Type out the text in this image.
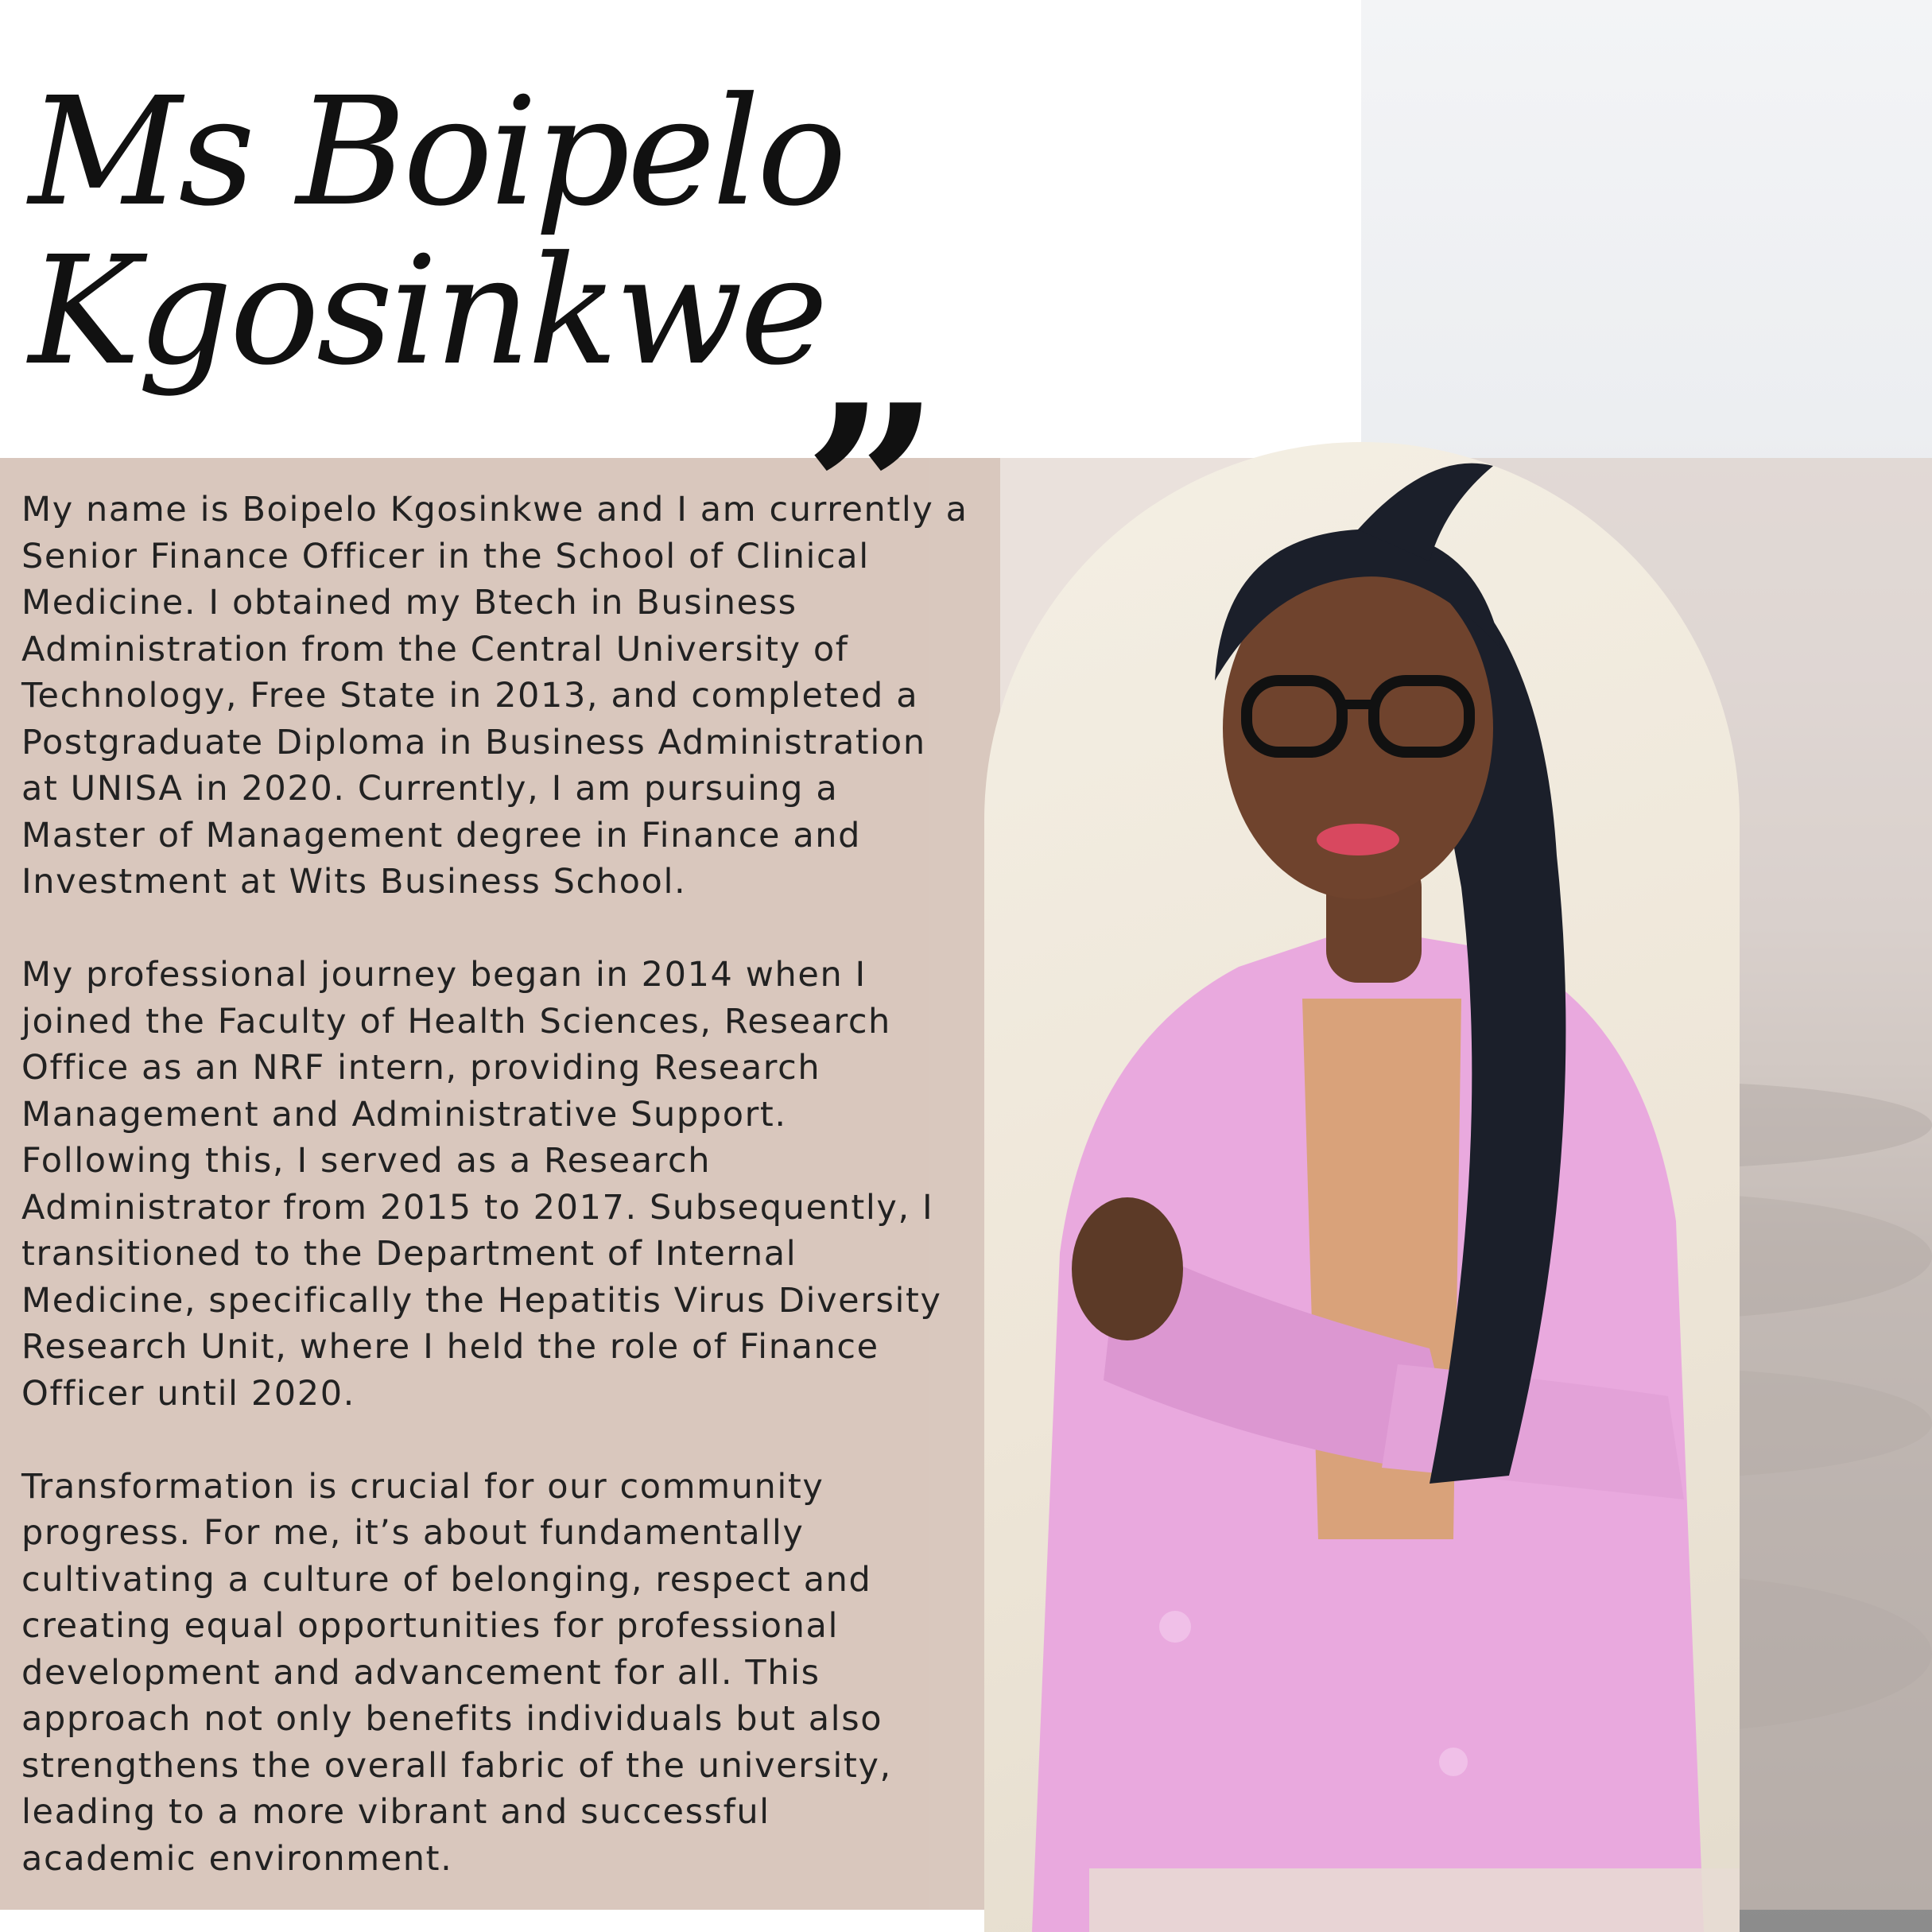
Ms Boipelo
Kgosinkwe
”

My name is Boipelo Kgosinkwe and I am currently a
Senior Finance Officer in the School of Clinical
Medicine. I obtained my Btech in Business
Administration from the Central University of
Technology, Free State in 2013, and completed a
Postgraduate Diploma in Business Administration
at UNISA in 2020. Currently, I am pursuing a
Master of Management degree in Finance and
Investment at Wits Business School.

My professional journey began in 2014 when I
joined the Faculty of Health Sciences, Research
Office as an NRF intern, providing Research
Management and Administrative Support.
Following this, I served as a Research
Administrator from 2015 to 2017. Subsequently, I
transitioned to the Department of Internal
Medicine, specifically the Hepatitis Virus Diversity
Research Unit, where I held the role of Finance
Officer until 2020.

Transformation is crucial for our community
progress. For me, it’s about fundamentally
cultivating a culture of belonging, respect and
creating equal opportunities for professional
development and advancement for all. This
approach not only benefits individuals but also
strengthens the overall fabric of the university,
leading to a more vibrant and successful
academic environment.
